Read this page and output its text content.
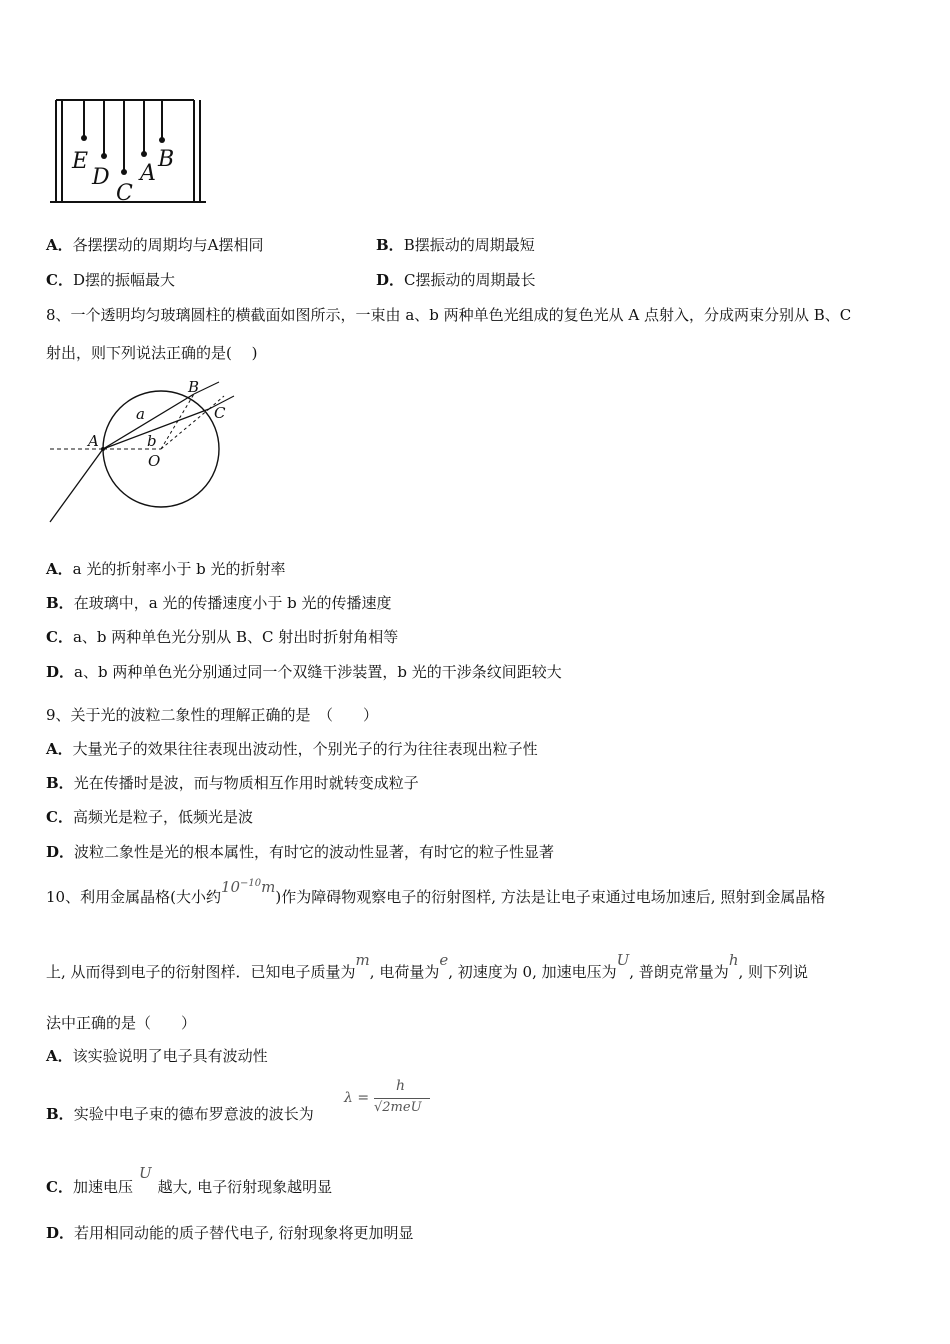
E
D
C
A
B
A．各摆摆动的周期均与A摆相同	B．B摆振动的周期最短
C．D摆的振幅最大	D．C摆振动的周期最长
8、一个透明均匀玻璃圆柱的横截面如图所示，一束由 a、b 两种单色光组成的复色光从 A 点射入，分成两束分别从 B、C
射出，则下列说法正确的是(　 )
A
B
C
a
b
O
A．a 光的折射率小于 b 光的折射率
B．在玻璃中，a 光的传播速度小于 b 光的传播速度
C．a、b 两种单色光分别从 B、C 射出时折射角相等
D．a、b 两种单色光分别通过同一个双缝干涉装置，b 光的干涉条纹间距较大
9、关于光的波粒二象性的理解正确的是　（　　）
A．大量光子的效果往往表现出波动性，个别光子的行为往往表现出粒子性
B．光在传播时是波，而与物质相互作用时就转变成粒子
C．高频光是粒子，低频光是波
D．波粒二象性是光的根本属性，有时它的波动性显著，有时它的粒子性显著
10、利用金属晶格(大小约$10^{-10}m$)作为障碍物观察电子的衍射图样, 方法是让电子束通过电场加速后, 照射到金属晶格
上, 从而得到电子的衍射图样．已知电子质量为m, 电荷量为e, 初速度为 0, 加速电压为U, 普朗克常量为h, 则下列说
法中正确的是（　　）
A．该实验说明了电子具有波动性
B．实验中电子束的德布罗意波的波长为
λ =
h
√2meU
C．加速电压U越大, 电子衍射现象越明显
D．若用相同动能的质子替代电子, 衍射现象将更加明显
